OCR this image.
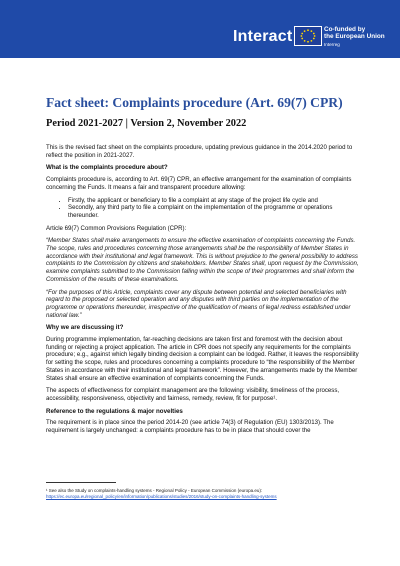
Interact	Co-funded by
the European Union
Interreg
Fact sheet: Complaints procedure (Art. 69(7) CPR)
Period 2021-2027 | Version 2, November 2022

This is the revised fact sheet on the complaints procedure, updating previous guidance in the 2014.2020 period to reflect the position in 2021-2027.

What is the complaints procedure about?

Complaints procedure is, according to Art. 69(7) CPR, an effective arrangement for the examination of complaints concerning the Funds. It means a fair and transparent procedure allowing:

• Firstly, the applicant or beneficiary to file a complaint at any stage of the project life cycle and
• Secondly, any third party to file a complaint on the implementation of the programme or operations thereunder.

Article 69(7) Common Provisions Regulation (CPR):

“Member States shall make arrangements to ensure the effective examination of complaints concerning the Funds. The scope, rules and procedures concerning those arrangements shall be the responsibility of Member States in accordance with their institutional and legal framework. This is without prejudice to the general possibility to address complaints to the Commission by citizens and stakeholders. Member States shall, upon request by the Commission, examine complaints submitted to the Commission falling within the scope of their programmes and shall inform the Commission of the results of these examinations.

“For the purposes of this Article, complaints cover any dispute between potential and selected beneficiaries with regard to the proposed or selected operation and any disputes with third parties on the implementation of the programme or operations thereunder, irrespective of the qualification of means of legal redress established under national law.”

Why we are discussing it?

During programme implementation, far-reaching decisions are taken first and foremost with the decision about funding or rejecting a project application. The article in CPR does not specify any requirements for the complaints procedure; e.g., against which legally binding decision a complaint can be lodged. Rather, it leaves the responsibility for setting the scope, rules and procedures concerning a complaints procedure to “the responsibility of the Member States in accordance with their institutional and legal framework”. However, the arrangements made by the Member States shall ensure an effective examination of complaints concerning the Funds.

The aspects of effectiveness for complaint management are the following: visibility, timeliness of the process, accessibility, responsiveness, objectivity and fairness, remedy, review, fit for purpose¹.

Reference to the regulations & major novelties

The requirement is in place since the period 2014-20 (see article 74(3) of Regulation (EU) 1303/2013). The requirement is largely unchanged: a complaints procedure has to be in place that should cover the

¹ See also the Study on complaints-handling systems - Regional Policy - European Commission (europa.eu):
https://ec.europa.eu/regional_policy/en/information/publications/studies/2016/study-on-complaints-handling-systems
